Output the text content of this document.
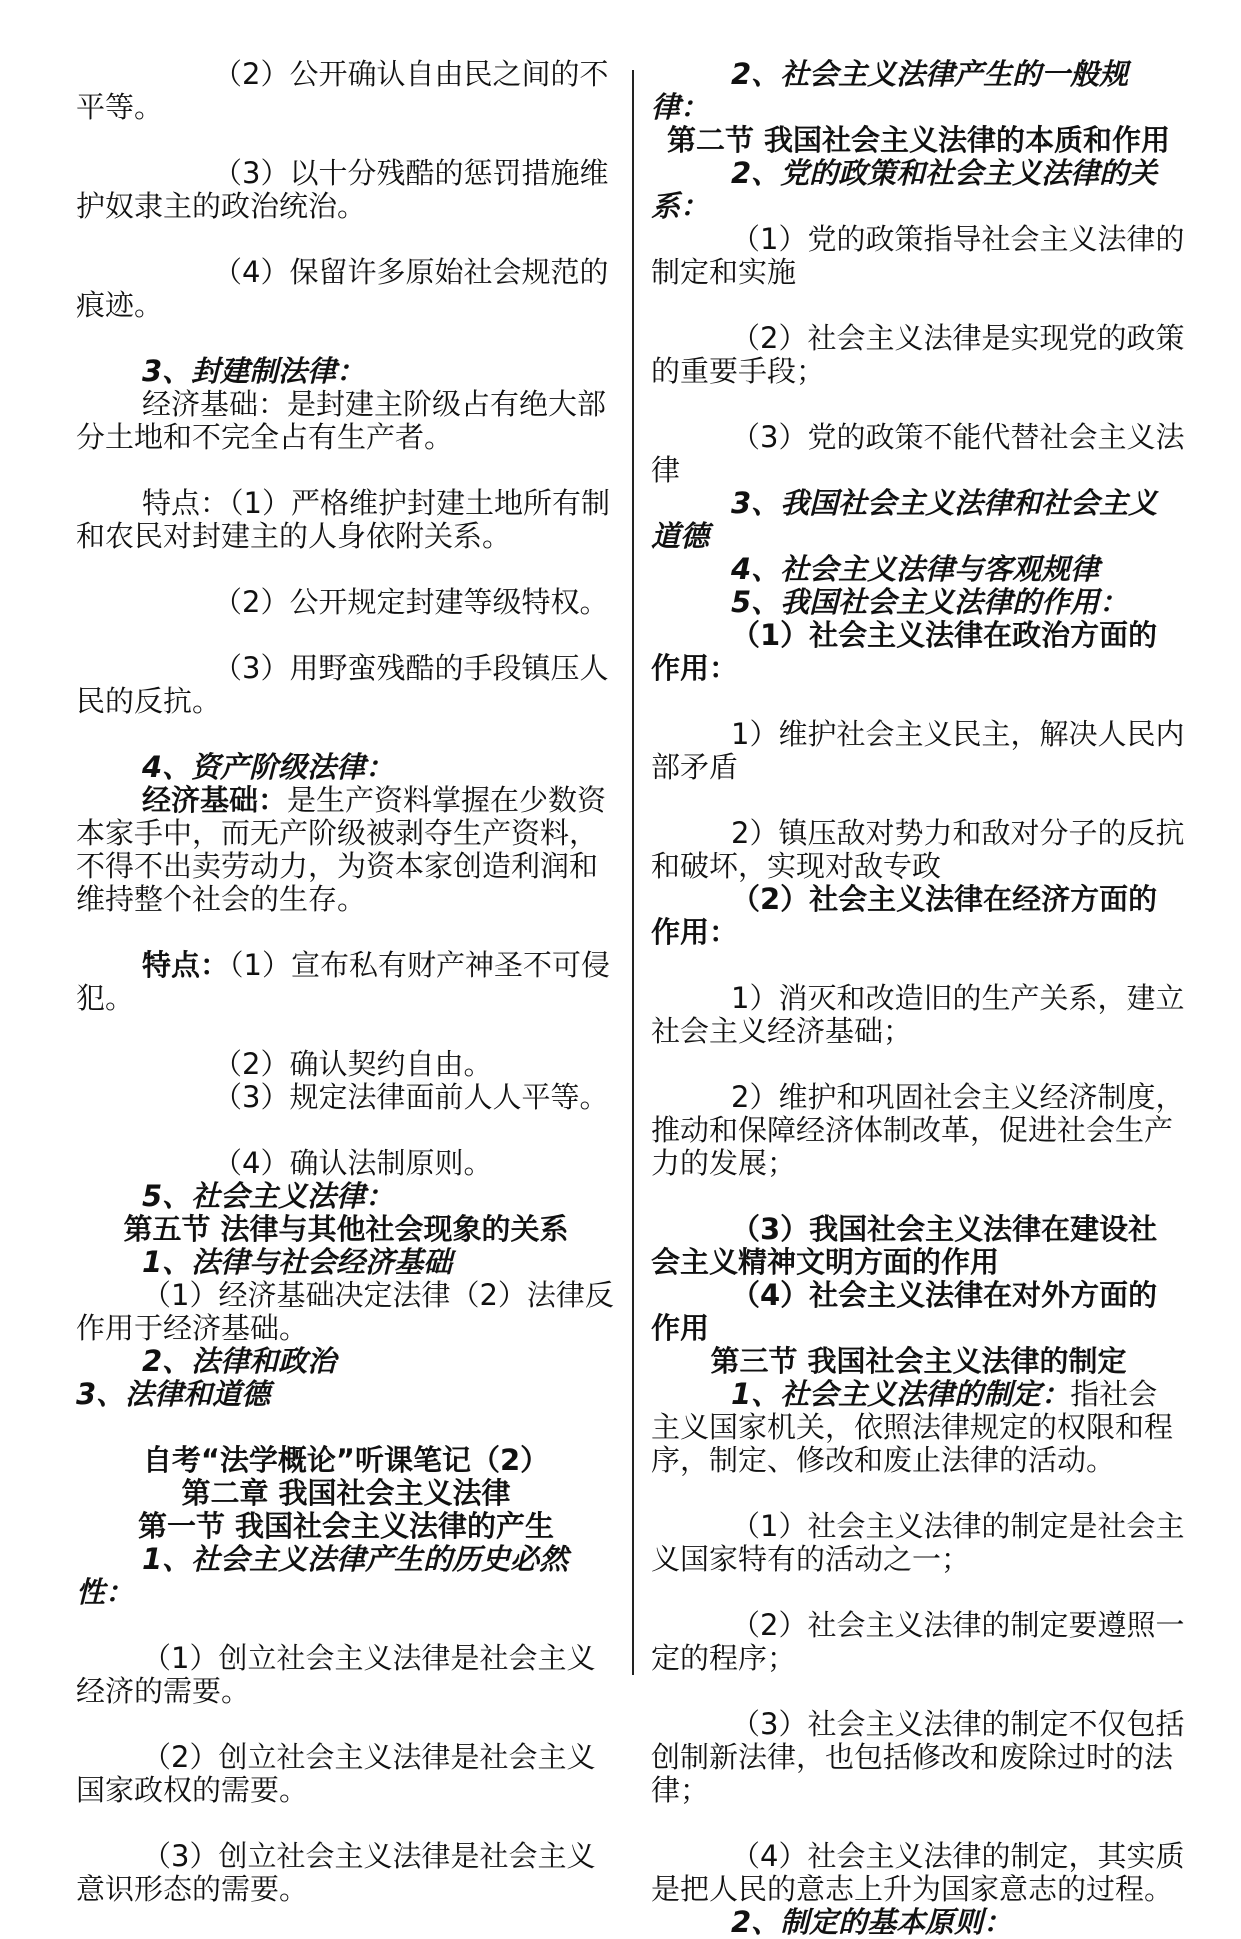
（2）公开确认自由民之间的不平等。

（3）以十分残酷的惩罚措施维护奴隶主的政治统治。

（4）保留许多原始社会规范的痕迹。

3、封建制法律：

经济基础：是封建主阶级占有绝大部分土地和不完全占有生产者。

特点：（1）严格维护封建土地所有制和农民对封建主的人身依附关系。

（2）公开规定封建等级特权。

（3）用野蛮残酷的手段镇压人民的反抗。

4、资产阶级法律：

经济基础：是生产资料掌握在少数资本家手中，而无产阶级被剥夺生产资料，不得不出卖劳动力，为资本家创造利润和维持整个社会的生存。

特点：（1）宣布私有财产神圣不可侵犯。

（2）确认契约自由。

（3）规定法律面前人人平等。

（4）确认法制原则。

5、社会主义法律：

第五节 法律与其他社会现象的关系

1、法律与社会经济基础

（1）经济基础决定法律（2）法律反作用于经济基础。

2、法律和政治

3、法律和道德

自考“法学概论”听课笔记（2）

第二章 我国社会主义法律

第一节 我国社会主义法律的产生

1、社会主义法律产生的历史必然性：

（1）创立社会主义法律是社会主义经济的需要。

（2）创立社会主义法律是社会主义国家政权的需要。

（3）创立社会主义法律是社会主义意识形态的需要。

2、社会主义法律产生的一般规律：

第二节 我国社会主义法律的本质和作用

2、党的政策和社会主义法律的关系：

（1）党的政策指导社会主义法律的制定和实施

（2）社会主义法律是实现党的政策的重要手段；

（3）党的政策不能代替社会主义法律

3、我国社会主义法律和社会主义道德

4、社会主义法律与客观规律

5、我国社会主义法律的作用：

（1）社会主义法律在政治方面的作用：

1）维护社会主义民主，解决人民内部矛盾

2）镇压敌对势力和敌对分子的反抗和破坏，实现对敌专政

（2）社会主义法律在经济方面的作用：

1）消灭和改造旧的生产关系，建立社会主义经济基础；

2）维护和巩固社会主义经济制度，推动和保障经济体制改革，促进社会生产力的发展；

（3）我国社会主义法律在建设社会主义精神文明方面的作用

（4）社会主义法律在对外方面的作用

第三节 我国社会主义法律的制定

1、社会主义法律的制定：指社会主义国家机关，依照法律规定的权限和程序，制定、修改和废止法律的活动。

（1）社会主义法律的制定是社会主义国家特有的活动之一；

（2）社会主义法律的制定要遵照一定的程序；

（3）社会主义法律的制定不仅包括创制新法律，也包括修改和废除过时的法律；

（4）社会主义法律的制定，其实质是把人民的意志上升为国家意志的过程。

2、制定的基本原则：
